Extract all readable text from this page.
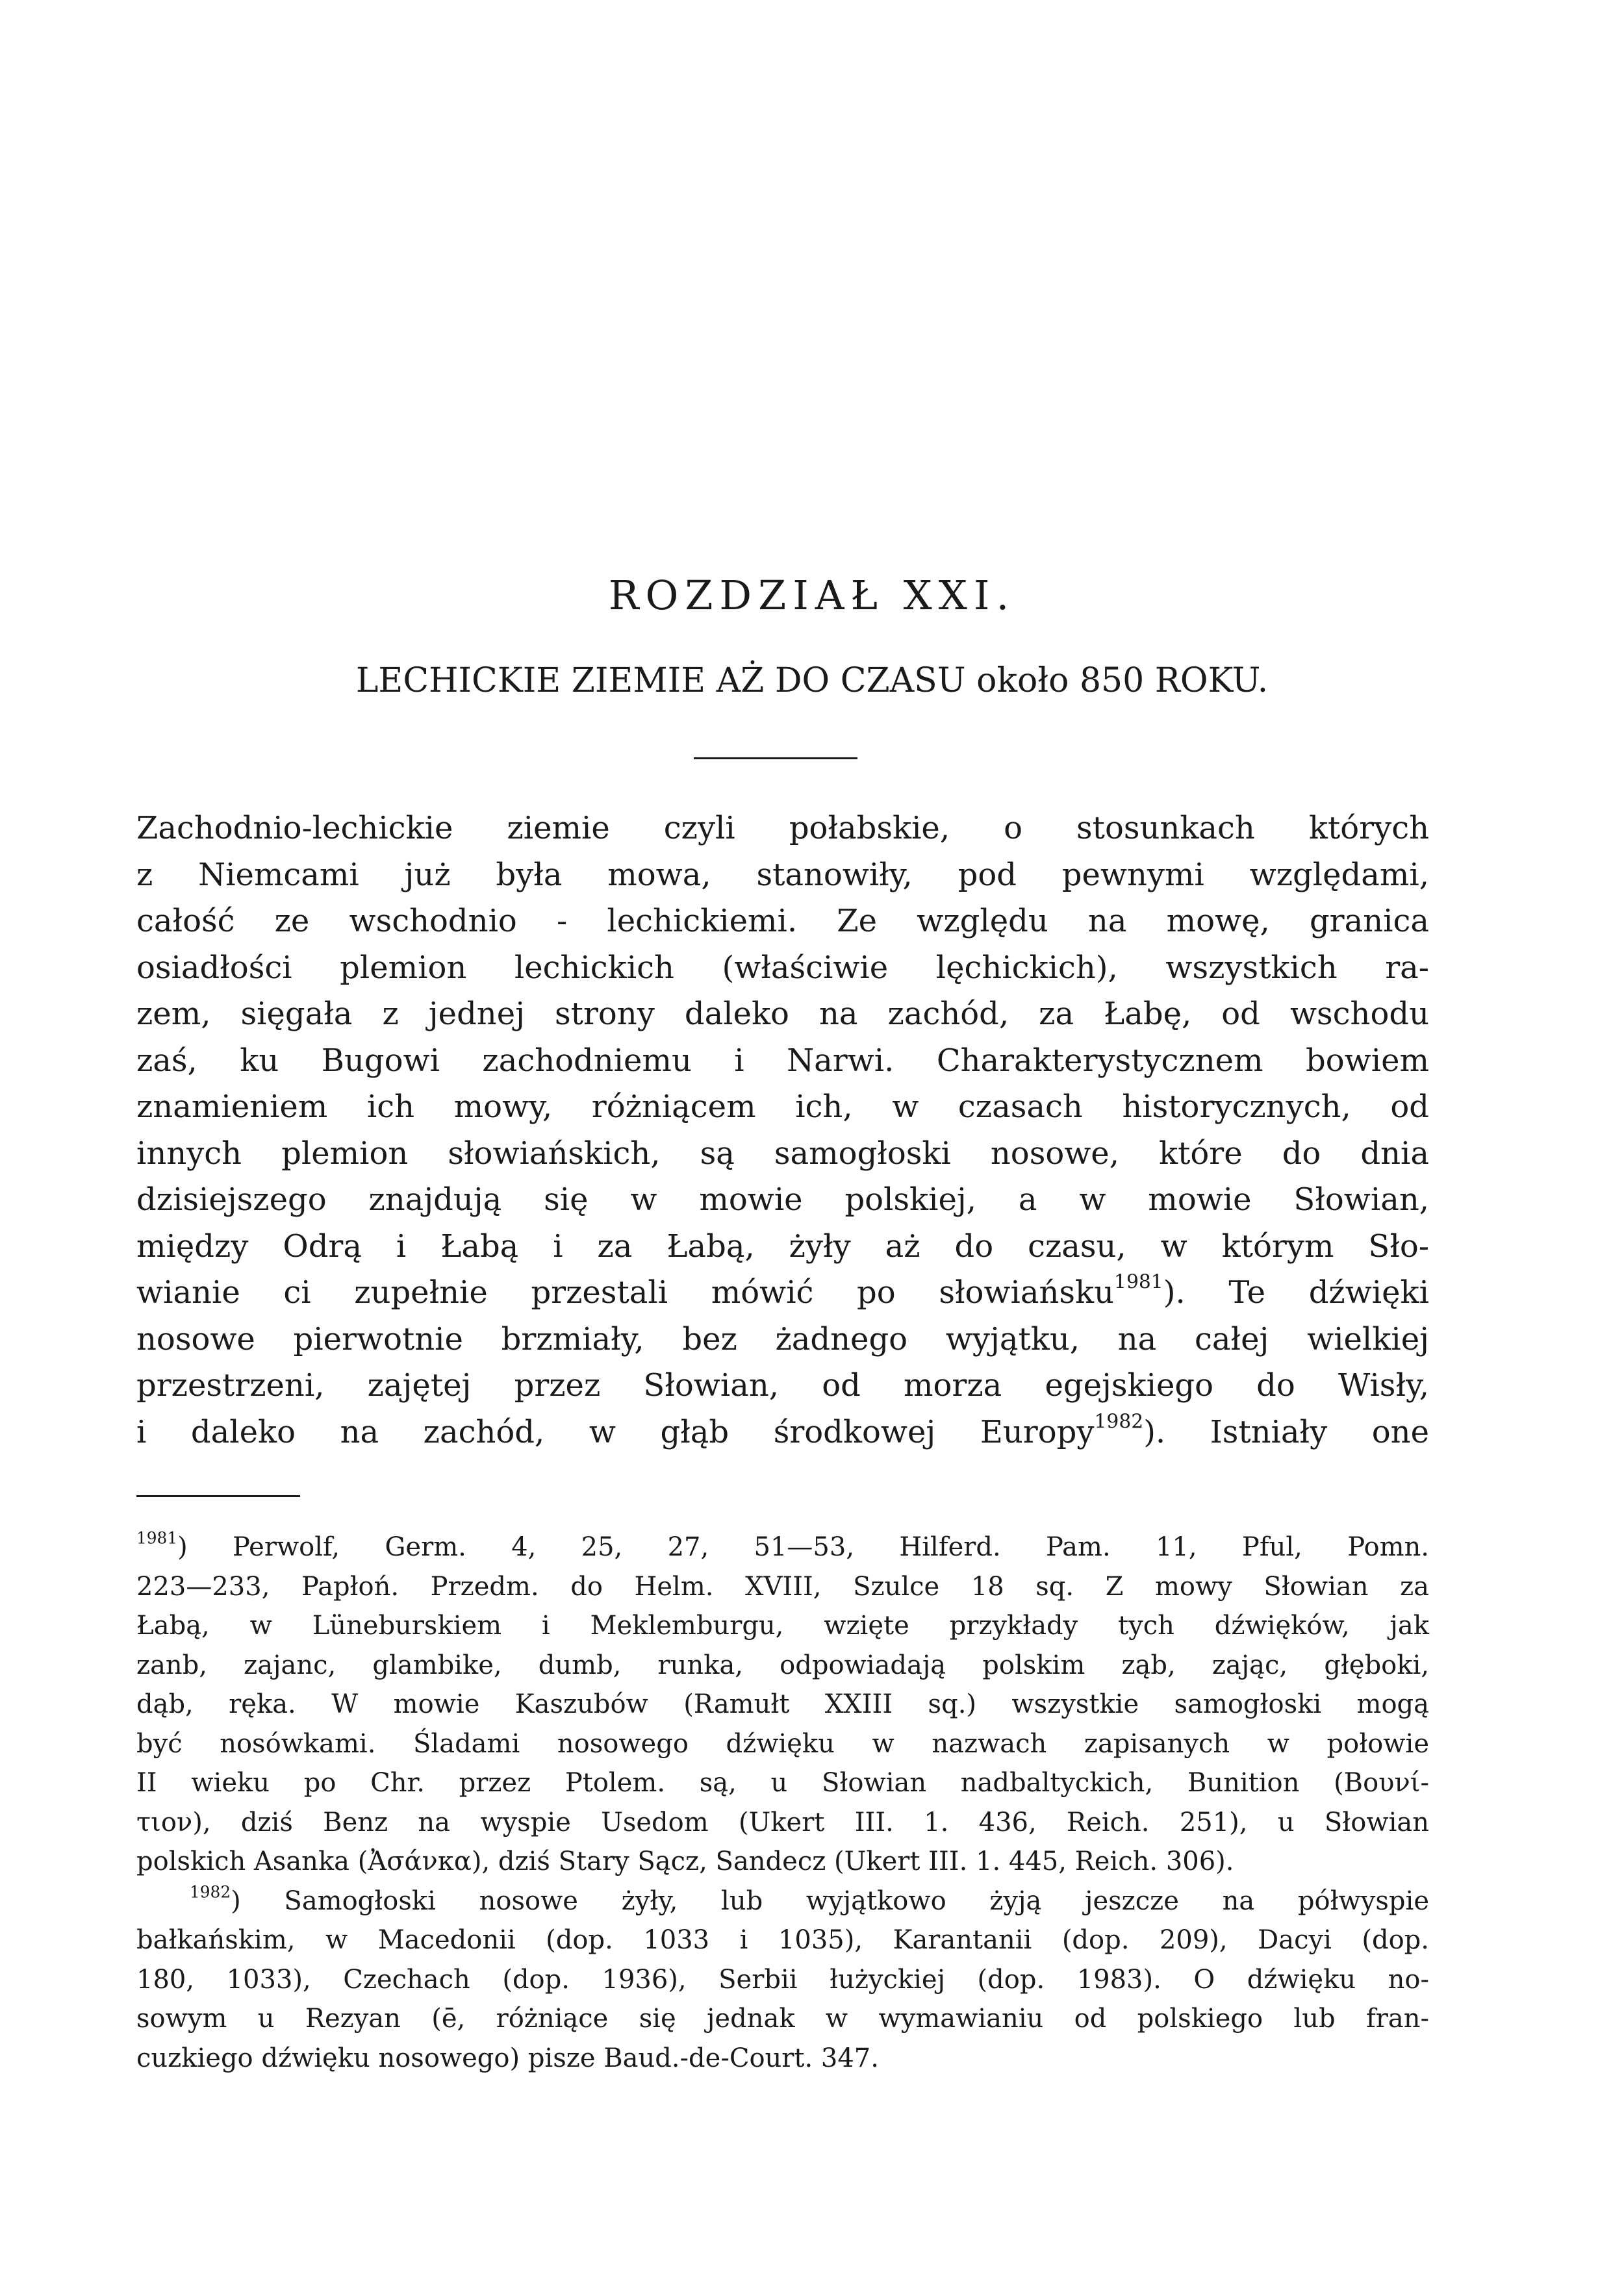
ROZDZIAŁ XXI.
LECHICKIE ZIEMIE AŻ DO CZASU około 850 ROKU.
Zachodnio-lechickie ziemie czyli połabskie, o stosunkach których
z Niemcami już była mowa, stanowiły, pod pewnymi względami,
całość ze wschodnio - lechickiemi. Ze względu na mowę, granica
osiadłości plemion lechickich (właściwie lęchickich), wszystkich ra-
zem, sięgała z jednej strony daleko na zachód, za Łabę, od wschodu
zaś, ku Bugowi zachodniemu i Narwi. Charakterystycznem bowiem
znamieniem ich mowy, różniącem ich, w czasach historycznych, od
innych plemion słowiańskich, są samogłoski nosowe, które do dnia
dzisiejszego znajdują się w mowie polskiej, a w mowie Słowian,
między Odrą i Łabą i za Łabą, żyły aż do czasu, w którym Sło-
wianie ci zupełnie przestali mówić po słowiańsku$^{1981}$). Te dźwięki
nosowe pierwotnie brzmiały, bez żadnego wyjątku, na całej wielkiej
przestrzeni, zajętej przez Słowian, od morza egejskiego do Wisły,
i daleko na zachód, w głąb środkowej Europy$^{1982}$). Istniały one
$^{1981}$) Perwolf, Germ. 4, 25, 27, 51—53, Hilferd. Pam. 11, Pful, Pomn.
223—233, Papłoń. Przedm. do Helm. XVIII, Szulce 18 sq. Z mowy Słowian za
Łabą, w Lüneburskiem i Meklemburgu, wzięte przykłady tych dźwięków, jak
zanb, zajanc, glambike, dumb, runka, odpowiadają polskim ząb, zając, głęboki,
dąb, ręka. W mowie Kaszubów (Ramułt XXIII sq.) wszystkie samogłoski mogą
być nosówkami. Śladami nosowego dźwięku w nazwach zapisanych w połowie
II wieku po Chr. przez Ptolem. są, u Słowian nadbaltyckich, Bunition (Βουνί-
τιον), dziś Benz na wyspie Usedom (Ukert III. 1. 436, Reich. 251), u Słowian
polskich Asanka (Ἀσάνκα), dziś Stary Sącz, Sandecz (Ukert III. 1. 445, Reich. 306).
$^{1982}$) Samogłoski nosowe żyły, lub wyjątkowo żyją jeszcze na półwyspie
bałkańskim, w Macedonii (dop. 1033 i 1035), Karantanii (dop. 209), Dacyi (dop.
180, 1033), Czechach (dop. 1936), Serbii łużyckiej (dop. 1983). O dźwięku no-
sowym u Rezyan (ē, różniące się jednak w wymawianiu od polskiego lub fran-
cuzkiego dźwięku nosowego) pisze Baud.-de-Court. 347.
